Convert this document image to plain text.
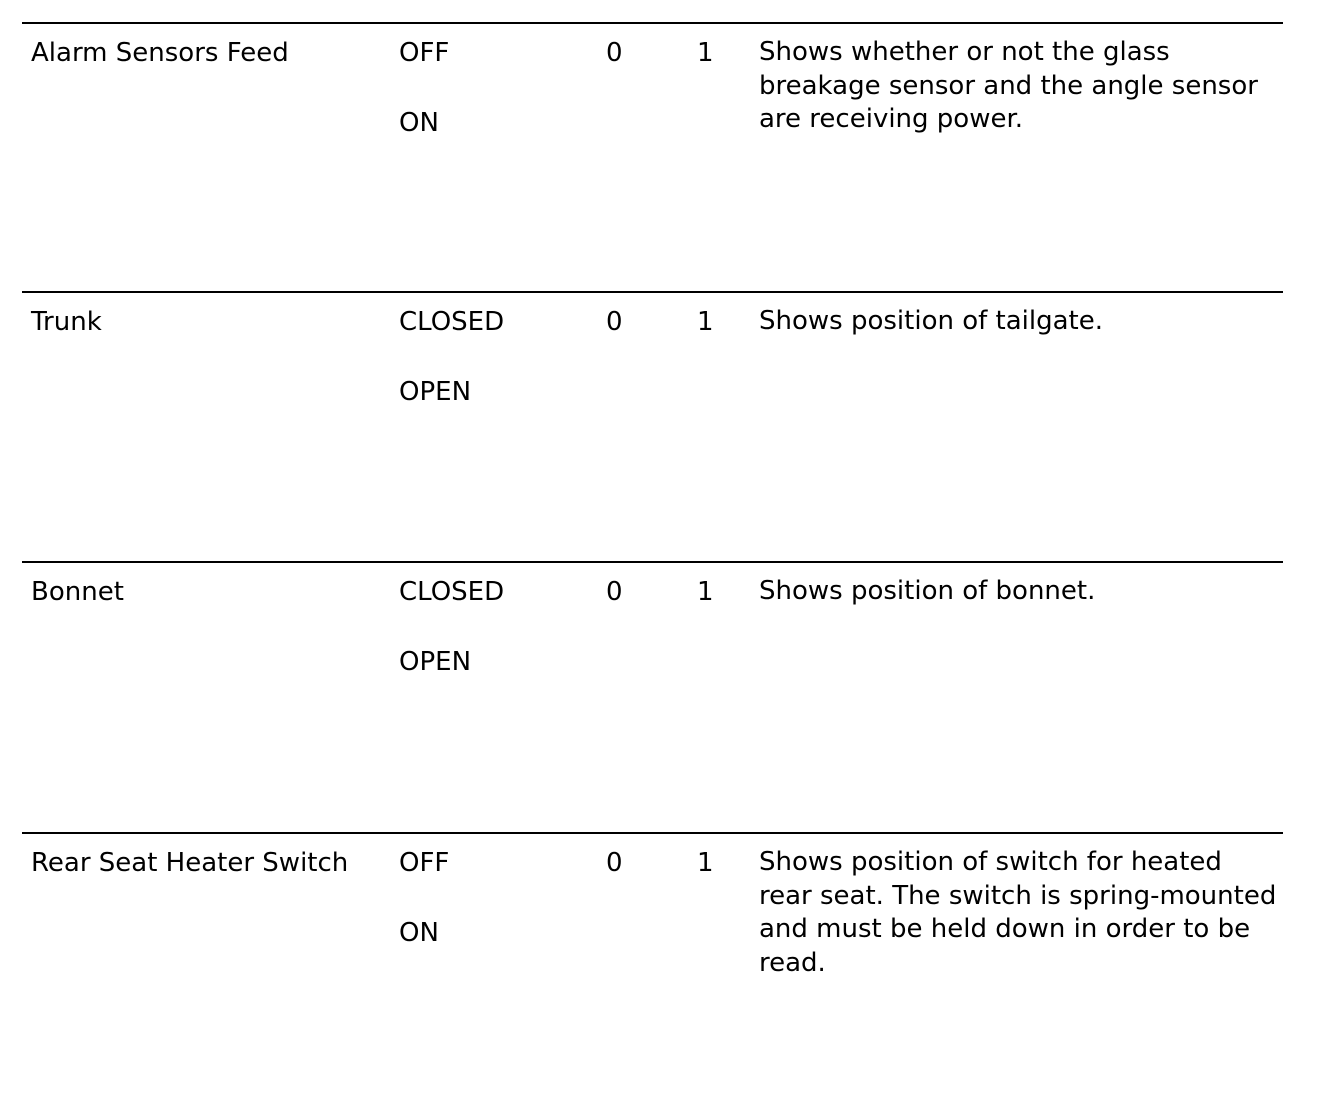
Alarm Sensors Feed	OFF
ON
0	1 Shows whether or not the glass breakage sensor and the angle sensor are receiving power.
Trunk	CLOSED
OPEN
0	1 Shows position of tailgate.
Bonnet	CLOSED
OPEN
0	1 Shows position of bonnet.
Rear Seat Heater Switch OFF
ON
0	1 Shows position of switch for heated rear seat. The switch is spring-mounted and must be held down in order to be read.
